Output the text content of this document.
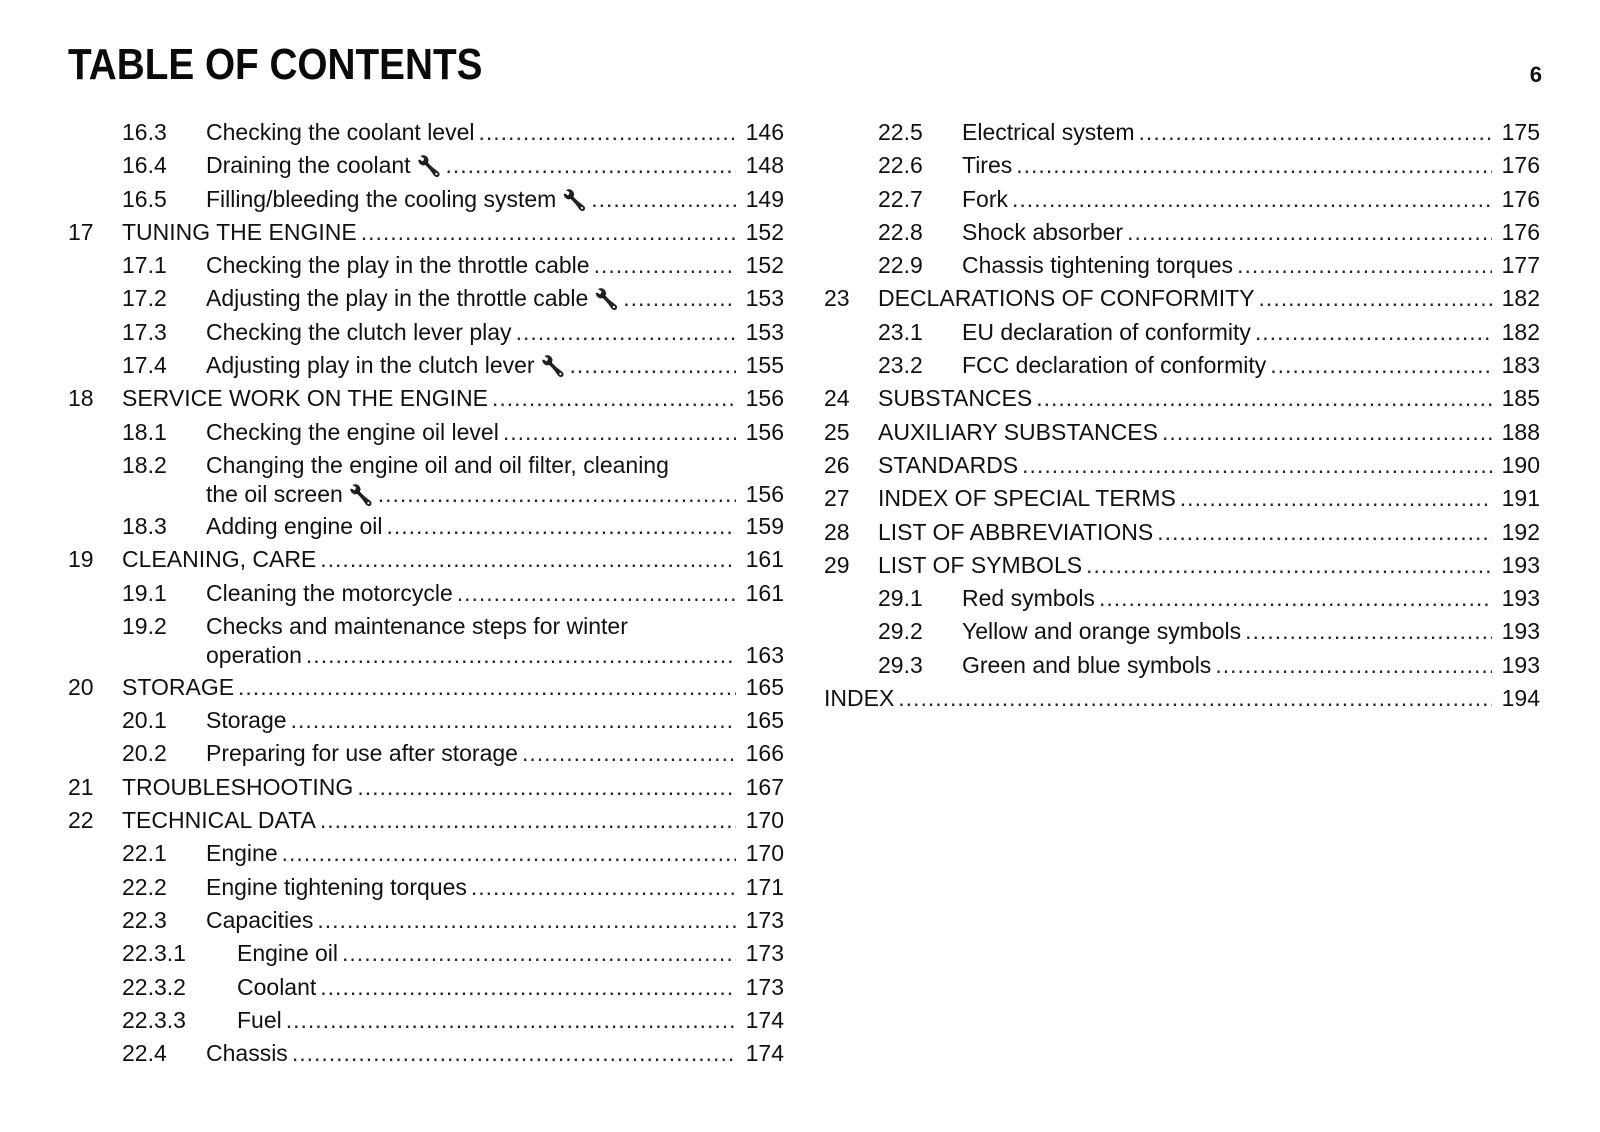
TABLE OF CONTENTS	6
16.3 Checking the coolant level .....	146
16.4 Draining the coolant 🔧 .....	148
16.5 Filling/bleeding the cooling system 🔧 .....	149
17 TUNING THE ENGINE .....	152
17.1 Checking the play in the throttle cable .....	152
17.2 Adjusting the play in the throttle cable 🔧 .....	153
17.3 Checking the clutch lever play .....	153
17.4 Adjusting play in the clutch lever 🔧 .....	155
18 SERVICE WORK ON THE ENGINE .....	156
18.1 Checking the engine oil level .....	156
18.2 Changing the engine oil and oil filter, cleaning
the oil screen 🔧 .....	156
18.3 Adding engine oil .....	159
19 CLEANING, CARE .....	161
19.1 Cleaning the motorcycle .....	161
19.2 Checks and maintenance steps for winter
operation .....	163
20 STORAGE .....	165
20.1 Storage .....	165
20.2 Preparing for use after storage .....	166
21 TROUBLESHOOTING .....	167
22 TECHNICAL DATA .....	170
22.1 Engine .....	170
22.2 Engine tightening torques .....	171
22.3 Capacities .....	173
22.3.1 Engine oil .....	173
22.3.2 Coolant .....	173
22.3.3 Fuel .....	174
22.4 Chassis .....	174
22.5 Electrical system .....	175
22.6 Tires .....	176
22.7 Fork .....	176
22.8 Shock absorber .....	176
22.9 Chassis tightening torques .....	177
23 DECLARATIONS OF CONFORMITY .....	182
23.1 EU declaration of conformity .....	182
23.2 FCC declaration of conformity .....	183
24 SUBSTANCES .....	185
25 AUXILIARY SUBSTANCES .....	188
26 STANDARDS .....	190
27 INDEX OF SPECIAL TERMS .....	191
28 LIST OF ABBREVIATIONS .....	192
29 LIST OF SYMBOLS .....	193
29.1 Red symbols .....	193
29.2 Yellow and orange symbols .....	193
29.3 Green and blue symbols .....	193
INDEX .....	194
